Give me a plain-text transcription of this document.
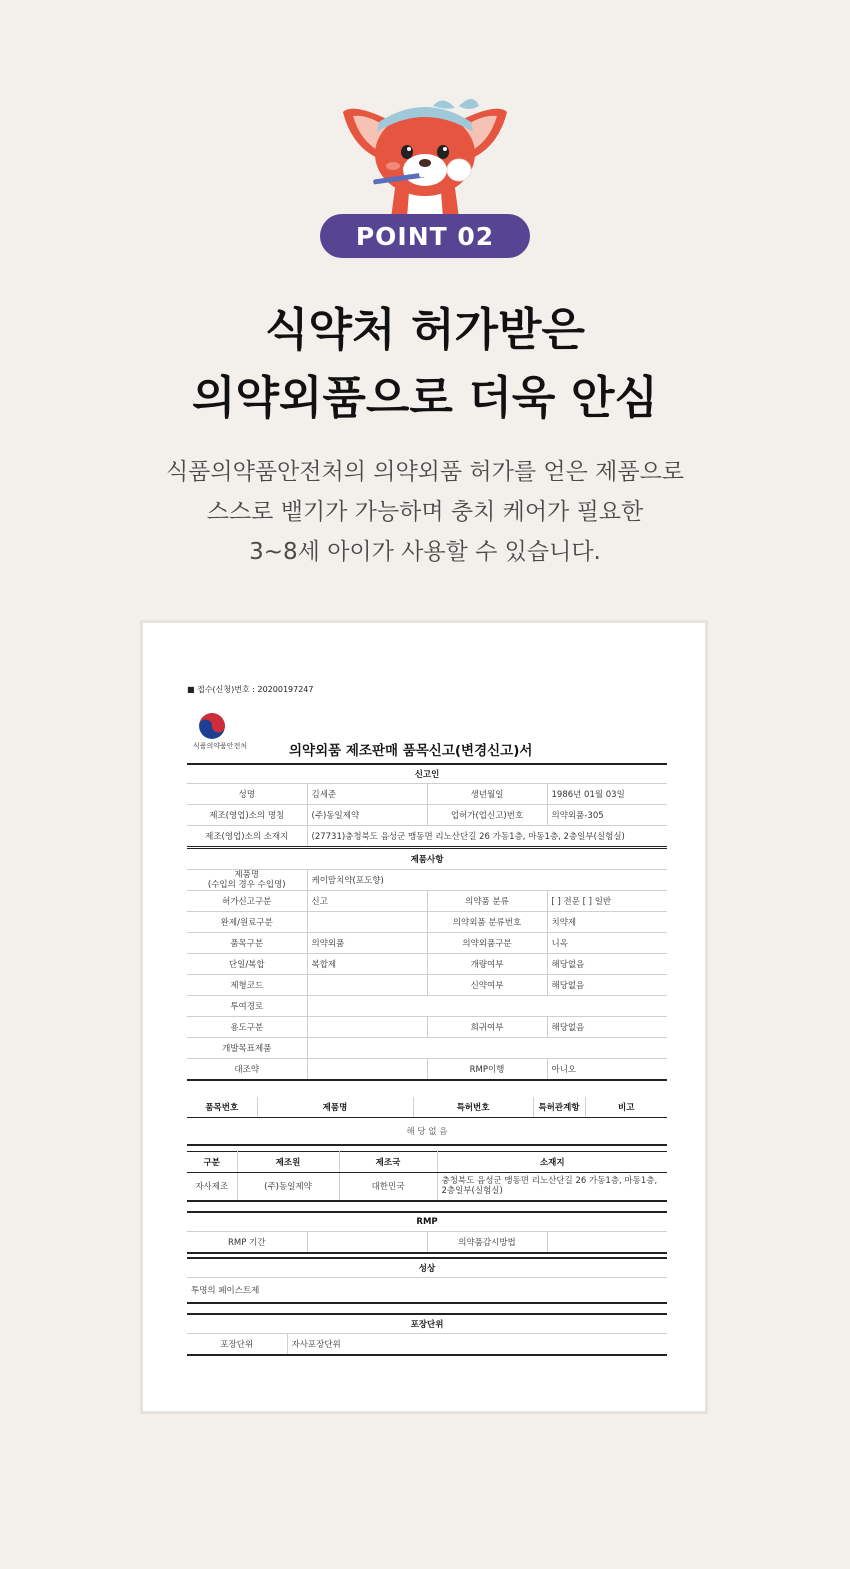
POINT 02
식약처 허가받은
의약외품으로 더욱 안심
식품의약품안전처의 의약외품 허가를 얻은 제품으로
스스로 뱉기가 가능하며 충치 케어가 필요한
3~8세 아이가 사용할 수 있습니다.
■ 접수(신청)번호 : 20200197247
식품의약품안전처	의약외품 제조판매 품목신고(변경신고)서
신고인			
성명	김세준	생년월일	1986년 01월 03일
제조(영업)소의 명칭	(주)동일제약	업허가(업신고)번호	의약외품-305
제조(영업)소의 소재지	(27731)충청북도 음성군 맹동면 리노산단길 26 가동1층, 마동1층, 2층일부(실험실)		
제품사항			

제품명
(수입의 경우 수입명)	케이맘치약(포도향)		
허가신고구분	신고	의약품 분류	[ ] 전문 [ ] 일반
완제/원료구분		의약외품 분류번호	치약제
품목구분	의약외품	의약외품구분	니옥
단일/복합	복합제	개량여부	해당없음
제형코드		신약여부	해당없음
투여경로			
용도구분		희귀여부	해당없음
개발목표제품			
대조약		RMP이행	아니오
품목번호	제품명	특허번호	특허관계항	비고
해 당 없 음
구분	제조원	제조국	소재지
자사제조	(주)동일제약	대한민국	충청북도 음성군 맹동면 리노산단길 26 가동1층, 마동1층, 2층일부(실험실)
RMP
RMP 기간		의약품감시방법	
성상
투명의 페이스트제
포장단위
포장단위	자사포장단위
